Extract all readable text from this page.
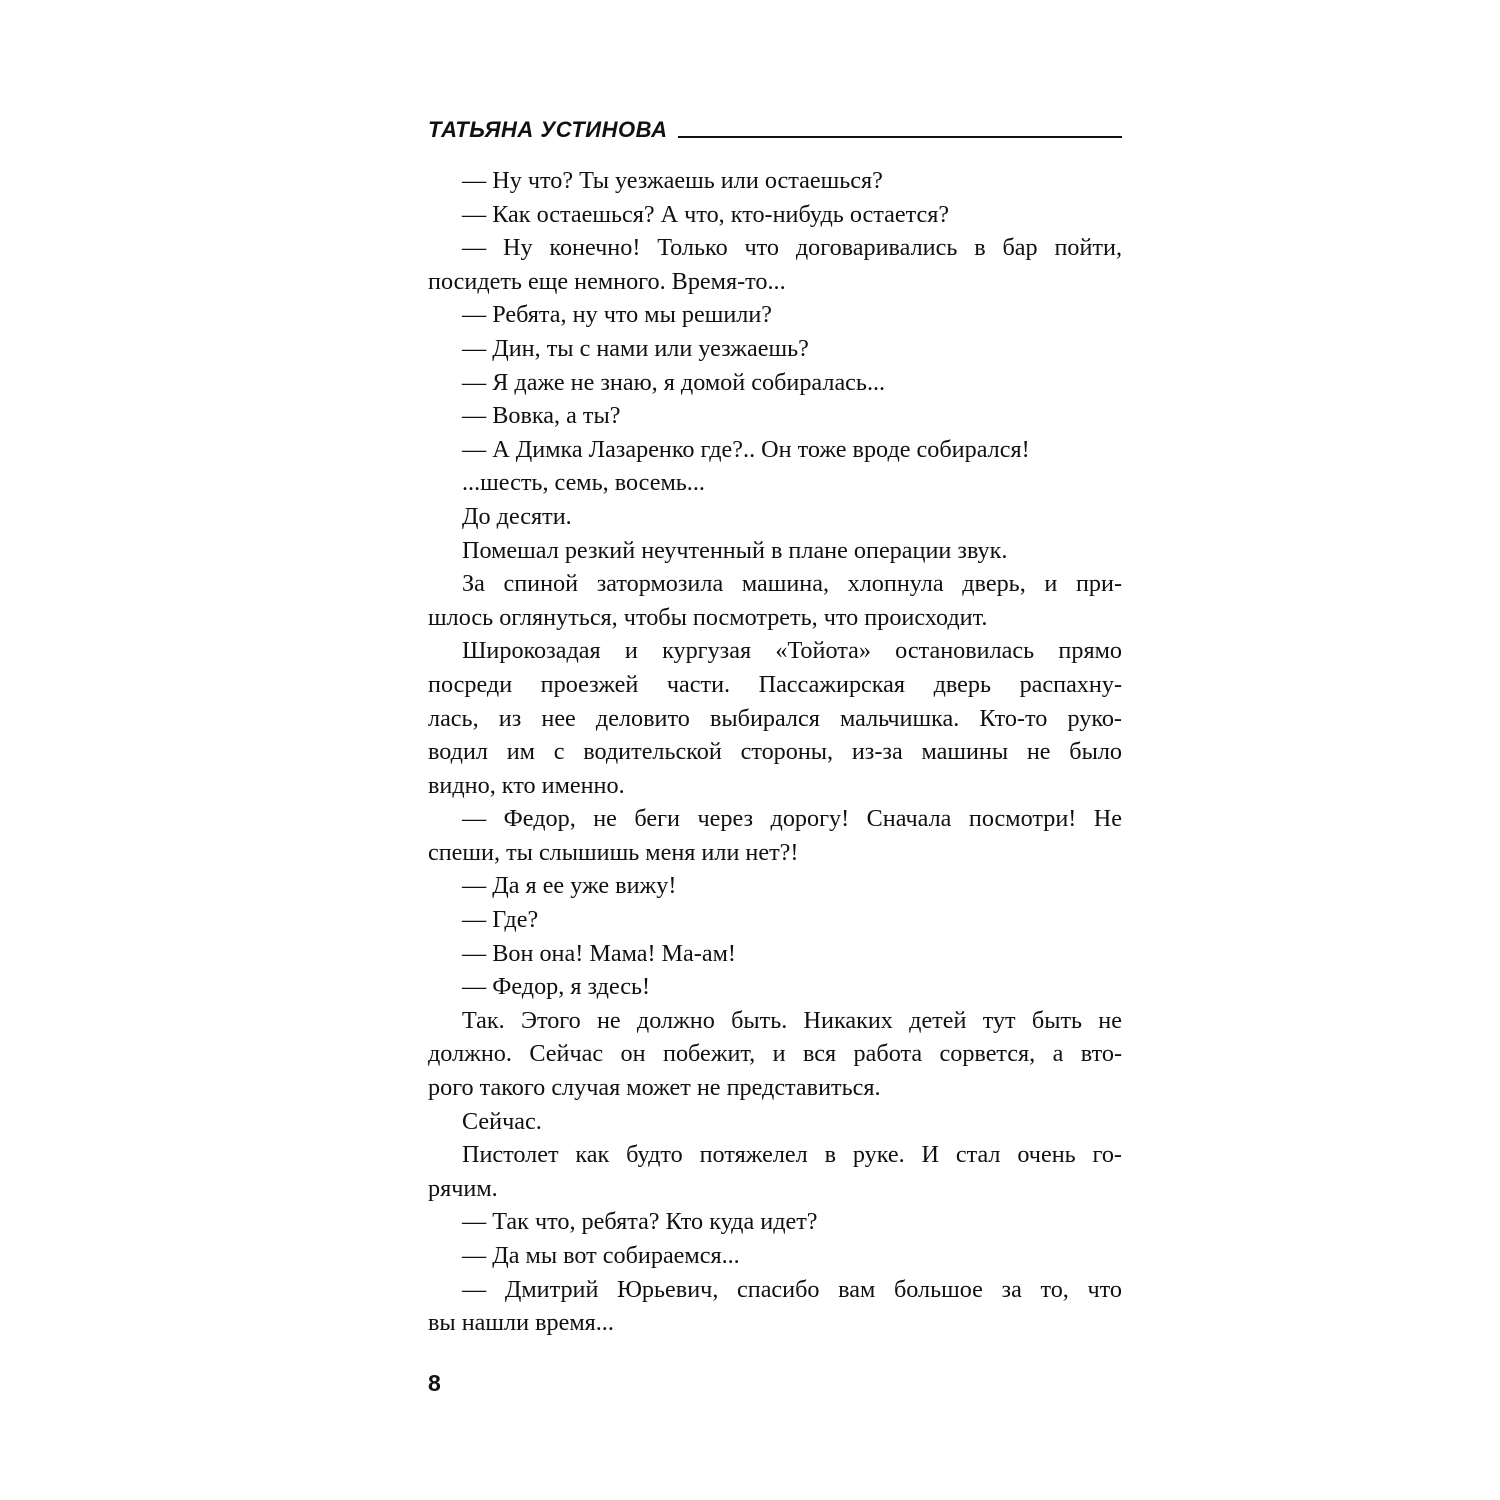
ТАТЬЯНА УСТИНОВА
— Ну что? Ты уезжаешь или остаешься?
— Как остаешься? А что, кто-нибудь остается?
— Ну конечно! Только что договаривались в бар пойти,
посидеть еще немного. Время-то...
— Ребята, ну что мы решили?
— Дин, ты с нами или уезжаешь?
— Я даже не знаю, я домой собиралась...
— Вовка, а ты?
— А Димка Лазаренко где?.. Он тоже вроде собирался!
...шесть, семь, восемь...
До десяти.
Помешал резкий неучтенный в плане операции звук.
За спиной затормозила машина, хлопнула дверь, и при-
шлось оглянуться, чтобы посмотреть, что происходит.
Широкозадая и кургузая «Тойота» остановилась прямо
посреди проезжей части. Пассажирская дверь распахну-
лась, из нее деловито выбирался мальчишка. Кто-то руко-
водил им с водительской стороны, из-за машины не было
видно, кто именно.
— Федор, не беги через дорогу! Сначала посмотри! Не
спеши, ты слышишь меня или нет?!
— Да я ее уже вижу!
— Где?
— Вон она! Мама! Ма-ам!
— Федор, я здесь!
Так. Этого не должно быть. Никаких детей тут быть не
должно. Сейчас он побежит, и вся работа сорвется, а вто-
рого такого случая может не представиться.
Сейчас.
Пистолет как будто потяжелел в руке. И стал очень го-
рячим.
— Так что, ребята? Кто куда идет?
— Да мы вот собираемся...
— Дмитрий Юрьевич, спасибо вам большое за то, что
вы нашли время...
8
